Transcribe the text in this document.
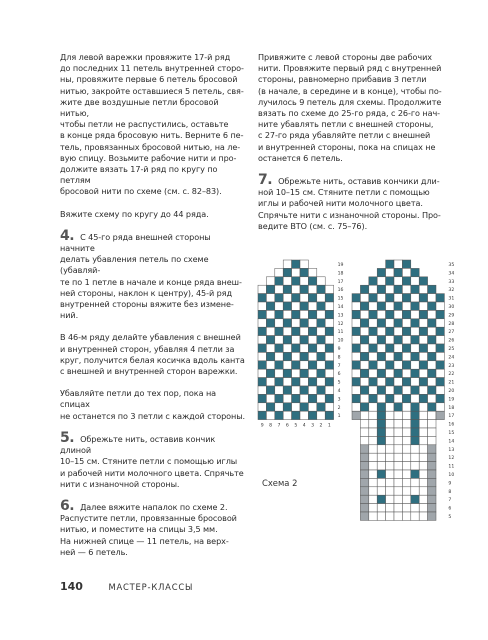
Для левой варежки провяжите 17-й ряд
до последних 11 петель внутренней сторо-
ны, провяжите первые 6 петель бросовой
нитью, закройте оставшиеся 5 петель, свя-
жите две воздушные петли бросовой нитью,
чтобы петли не распустились, оставьте
в конце ряда бросовую нить. Верните 6 пе-
тель, провязанных бросовой нитью, на ле-
вую спицу. Возьмите рабочие нити и про-
должите вязать 17-й ряд по кругу по петлям
бросовой нити по схеме (см. с. 82–83).

Вяжите схему по кругу до 44 ряда.

4. С 45-го ряда внешней стороны начните
делать убавления петель по схеме (убавляй-
те по 1 петле в начале и конце ряда внеш-
ней стороны, наклон к центру), 45-й ряд
внутренней стороны вяжите без измене-
ний.

В 46-м ряду делайте убавления с внешней
и внутренней сторон, убавляя 4 петли за
круг, получится белая косичка вдоль канта
с внешней и внутренней сторон варежки.

Убавляйте петли до тех пор, пока на спицах
не останется по 3 петли с каждой стороны.

5. Обрежьте нить, оставив кончик длиной
10–15 см. Стяните петли с помощью иглы
и рабочей нити молочного цвета. Спрячьте
нити с изнаночной стороны.

6. Далее вяжите напалок по схеме 2.
Распустите петли, провязанные бросовой
нитью, и поместите на спицы 3,5 мм.
На нижней спице — 11 петель, на верх-
ней — 6 петель.

Привяжите с левой стороны две рабочих
нити. Провяжите первый ряд с внутренней
стороны, равномерно прибавив 3 петли
(в начале, в середине и в конце), чтобы по-
лучилось 9 петель для схемы. Продолжите
вязать по схеме до 25-го ряда, с 26-го нач-
ните убавлять петли с внешней стороны,
с 27-го ряда убавляйте петли с внешней
и внутренней стороны, пока на спицах не
останется 6 петель.

7. Обрежьте нить, оставив кончики дли-
ной 10–15 см. Стяните петли с помощью
иглы и рабочей нити молочного цвета.
Спрячьте нити с изнаночной стороны. Про-
ведите ВТО (см. с. 75–76).

19
18
17
16
15
14
13
12
11
10
9
8
7
6
5
4
3
2
1
9 8 7 6 5 4 3 2 1
35
34
33
32
31
30
29
28
27
26
25
24
23
22
21
20
19
18
17
16
15
14
13
12
11
10
9
8
7
6
5
Схема 2
140	МАСТЕР-КЛАССЫ
